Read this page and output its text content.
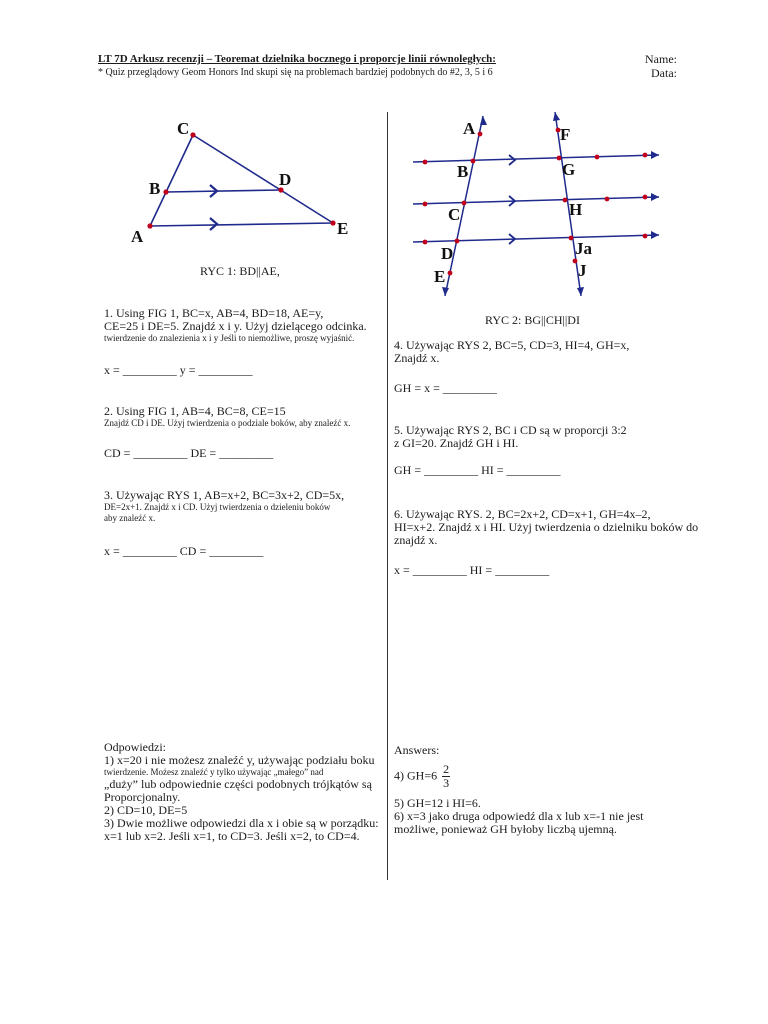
LT 7D Arkusz recenzji – Teoremat dzielnika bocznego i proporcje linii równoległych:	Name:
Data:
* Quiz przeglądowy Geom Honors Ind skupi się na problemach bardziej podobnych do #2, 3, 5 i 6
C
B	D
A	E
RYC 1: BD||AE,
A	F
B	G
C	H
D	Ja
E	J
RYC 2: BG||CH||DI
1. Using FIG 1, BC=x, AB=4, BD=18, AE=y,
CE=25 i DE=5. Znajdź x i y. Użyj dzielącego odcinka.
twierdzenie do znalezienia x i y Jeśli to niemożliwe, proszę wyjaśnić.
x = _________ y = _________
2. Using FIG 1, AB=4, BC=8, CE=15
Znajdź CD i DE. Użyj twierdzenia o podziale boków, aby znaleźć x.
CD = _________ DE = _________
3. Używając RYS 1, AB=x+2, BC=3x+2, CD=5x,
DE=2x+1. Znajdź x i CD. Użyj twierdzenia o dzieleniu boków
aby znaleźć x.
x = _________ CD = _________
Odpowiedzi:
1) x=20 i nie możesz znaleźć y, używając podziału boku
twierdzenie. Możesz znaleźć y tylko używając „małego” nad
„duży” lub odpowiednie części podobnych trójkątów są
Proporcjonalny.
2) CD=10, DE=5
3) Dwie możliwe odpowiedzi dla x i obie są w porządku:
x=1 lub x=2. Jeśli x=1, to CD=3. Jeśli x=2, to CD=4.
4. Używając RYS 2, BC=5, CD=3, HI=4, GH=x,
Znajdź x.
GH = x = _________
5. Używając RYS 2, BC i CD są w proporcji 3:2
z GI=20. Znajdź GH i HI.
GH = _________ HI = _________
6. Używając RYS. 2, BC=2x+2, CD=x+1, GH=4x–2,
HI=x+2. Znajdź x i HI. Użyj twierdzenia o dzielniku boków do
znajdź x.
x = _________ HI = _________
Answers:
4) $GH=6 \frac{2}{3}$
5) GH=12 i HI=6.
6) x=3 jako druga odpowiedź dla x lub x=-1 nie jest
możliwe, ponieważ GH byłoby liczbą ujemną.
